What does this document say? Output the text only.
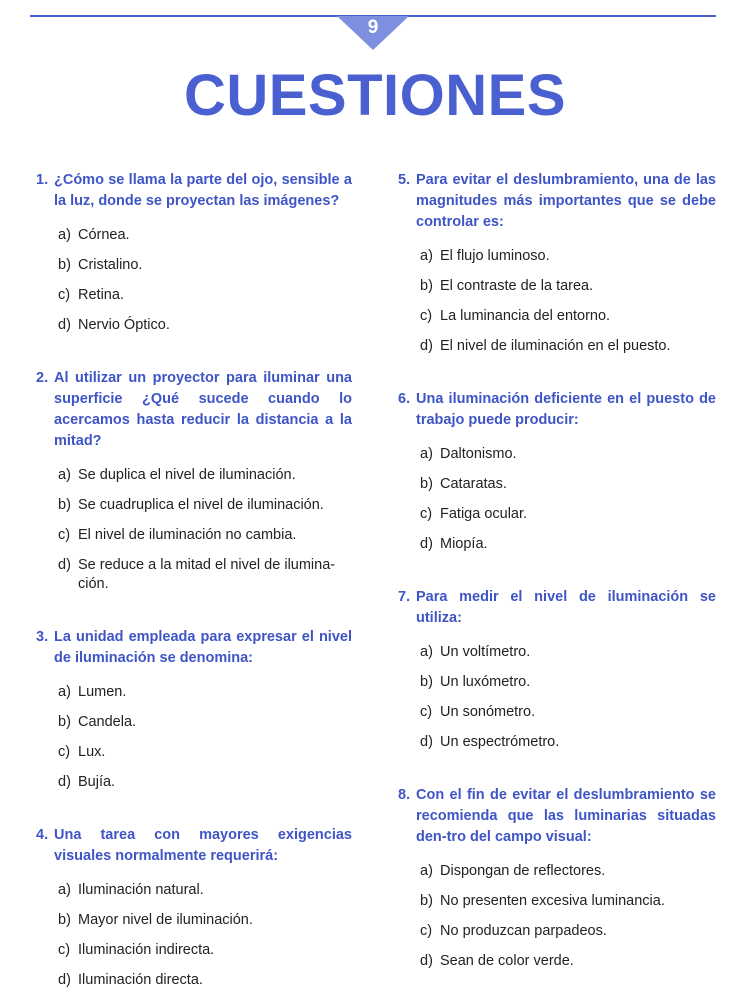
9
CUESTIONES
1. ¿Cómo se llama la parte del ojo, sensible a la luz, donde se proyectan las imágenes?
a) Córnea.
b) Cristalino.
c) Retina.
d) Nervio Óptico.
2. Al utilizar un proyector para iluminar una superficie ¿Qué sucede cuando lo acercamos hasta reducir la distancia a la mitad?
a) Se duplica el nivel de iluminación.
b) Se cuadruplica el nivel de iluminación.
c) El nivel de iluminación no cambia.
d) Se reduce a la mitad el nivel de ilumina-ción.
3. La unidad empleada para expresar el nivel de iluminación se denomina:
a) Lumen.
b) Candela.
c) Lux.
d) Bujía.
4. Una tarea con mayores exigencias visuales normalmente requerirá:
a) Iluminación natural.
b) Mayor nivel de iluminación.
c) Iluminación indirecta.
d) Iluminación directa.
5. Para evitar el deslumbramiento, una de las magnitudes más importantes que se debe controlar es:
a) El flujo luminoso.
b) El contraste de la tarea.
c) La luminancia del entorno.
d) El nivel de iluminación en el puesto.
6. Una iluminación deficiente en el puesto de trabajo puede producir:
a) Daltonismo.
b) Cataratas.
c) Fatiga ocular.
d) Miopía.
7. Para medir el nivel de iluminación se utiliza:
a) Un voltímetro.
b) Un luxómetro.
c) Un sonómetro.
d) Un espectrómetro.
8. Con el fin de evitar el deslumbramiento se recomienda que las luminarias situadas den-tro del campo visual:
a) Dispongan de reflectores.
b) No presenten excesiva luminancia.
c) No produzcan parpadeos.
d) Sean de color verde.
